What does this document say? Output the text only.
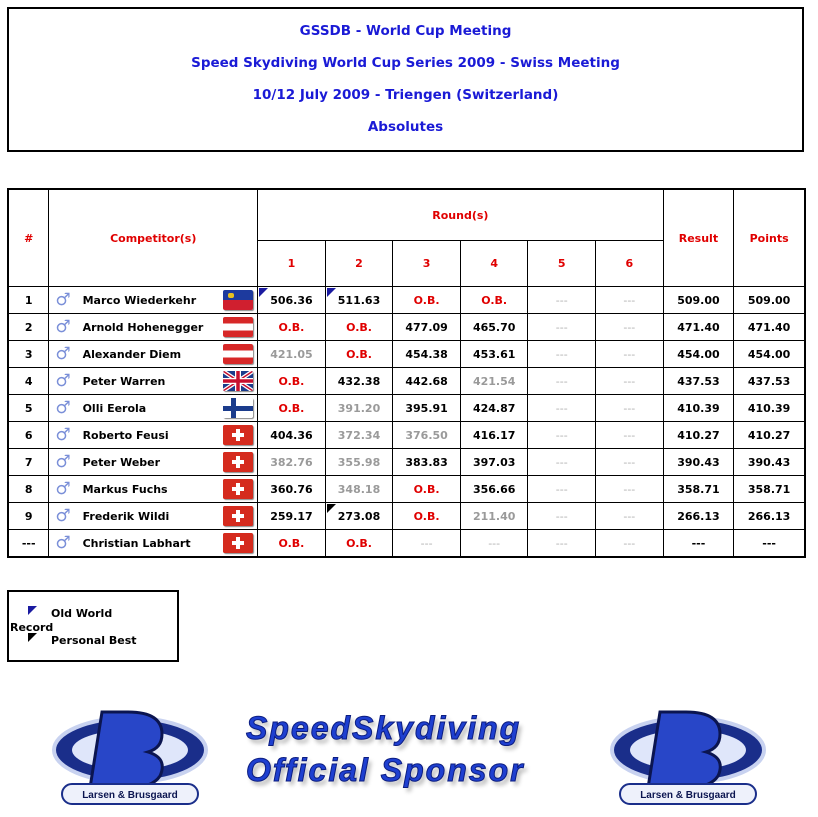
GSSDB - World Cup Meeting
Speed Skydiving World Cup Series 2009 - Swiss Meeting
10/12 July 2009 - Triengen (Switzerland)
Absolutes
#	Competitor(s)			Round(s)						Result	Points
				1	2	3	4	5	6		
1	♂	Marco Wiederkehr		506.36	511.63	O.B.	O.B.	---	---	509.00	509.00
2	♂	Arnold Hohenegger		O.B.	O.B.	477.09	465.70	---	---	471.40	471.40
3	♂	Alexander Diem		421.05	O.B.	454.38	453.61	---	---	454.00	454.00
4	♂	Peter Warren		O.B.	432.38	442.68	421.54	---	---	437.53	437.53
5	♂	Olli Eerola		O.B.	391.20	395.91	424.87	---	---	410.39	410.39
6	♂	Roberto Feusi		404.36	372.34	376.50	416.17	---	---	410.27	410.27
7	♂	Peter Weber		382.76	355.98	383.83	397.03	---	---	390.43	390.43
8	♂	Markus Fuchs		360.76	348.18	O.B.	356.66	---	---	358.71	358.71
9	♂	Frederik Wildi		259.17	273.08	O.B.	211.40	---	---	266.13	266.13
---	♂	Christian Labhart		O.B.	O.B.	---	---	---	---	---	---
Old World
Record
Personal Best
Larsen & Brusgaard
SpeedSkydiving
Official Sponsor
Larsen & Brusgaard
